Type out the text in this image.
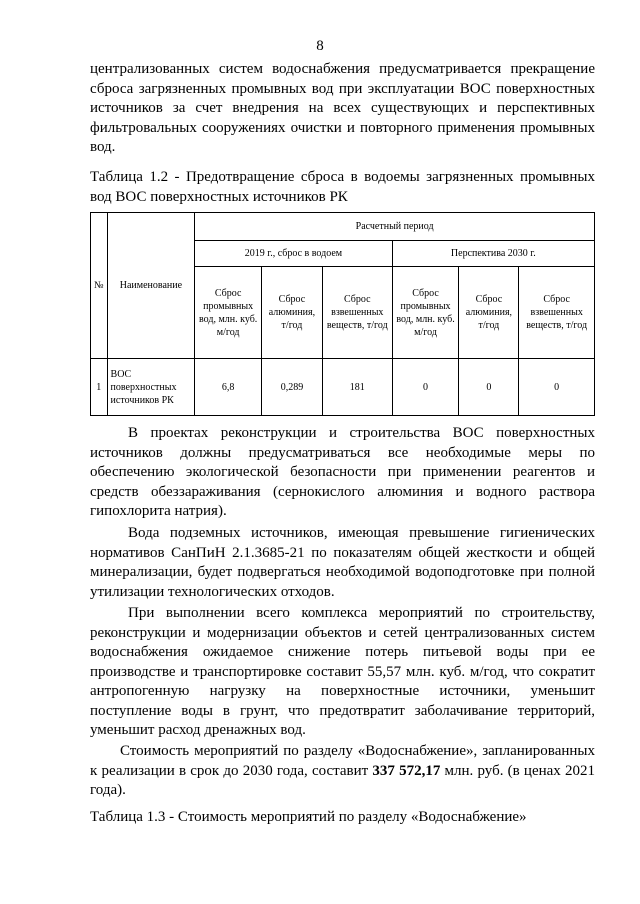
8

централизованных систем водоснабжения предусматривается прекращение сброса загрязненных промывных вод при эксплуатации ВОС поверхностных источников за счет внедрения на всех существующих и перспективных фильтровальных сооружениях очистки и повторного применения промывных вод.

Таблица 1.2 - Предотвращение сброса в водоемы загрязненных промывных вод ВОС поверхностных источников РК

№	Наименование	Расчетный период					
		2019 г., сброс в водоем			Перспектива 2030 г.		
		Сброс промывных вод, млн. куб. м/год	Сброс алюминия, т/год	Сброс взвешенных веществ, т/год	Сброс промывных вод, млн. куб. м/год	Сброс алюминия, т/год	Сброс взвешенных веществ, т/год
1	ВОС поверхностных источников РК	6,8	0,289	181	0	0	0

В проектах реконструкции и строительства ВОС поверхностных источников должны предусматриваться все необходимые меры по обеспечению экологической безопасности при применении реагентов и средств обеззараживания (сернокислого алюминия и водного раствора гипохлорита натрия).

Вода подземных источников, имеющая превышение гигиенических нормативов СанПиН 2.1.3685-21 по показателям общей жесткости и общей минерализации, будет подвергаться необходимой водоподготовке при полной утилизации технологических отходов.

При выполнении всего комплекса мероприятий по строительству, реконструкции и модернизации объектов и сетей централизованных систем водоснабжения ожидаемое снижение потерь питьевой воды при ее производстве и транспортировке составит 55,57 млн. куб. м/год, что сократит антропогенную нагрузку на поверхностные источники, уменьшит поступление воды в грунт, что предотвратит заболачивание территорий, уменьшит расход дренажных вод.

Стоимость мероприятий по разделу «Водоснабжение», запланированных к реализации в срок до 2030 года, составит 337 572,17 млн. руб. (в ценах 2021 года).

Таблица 1.3 - Стоимость мероприятий по разделу «Водоснабжение»
